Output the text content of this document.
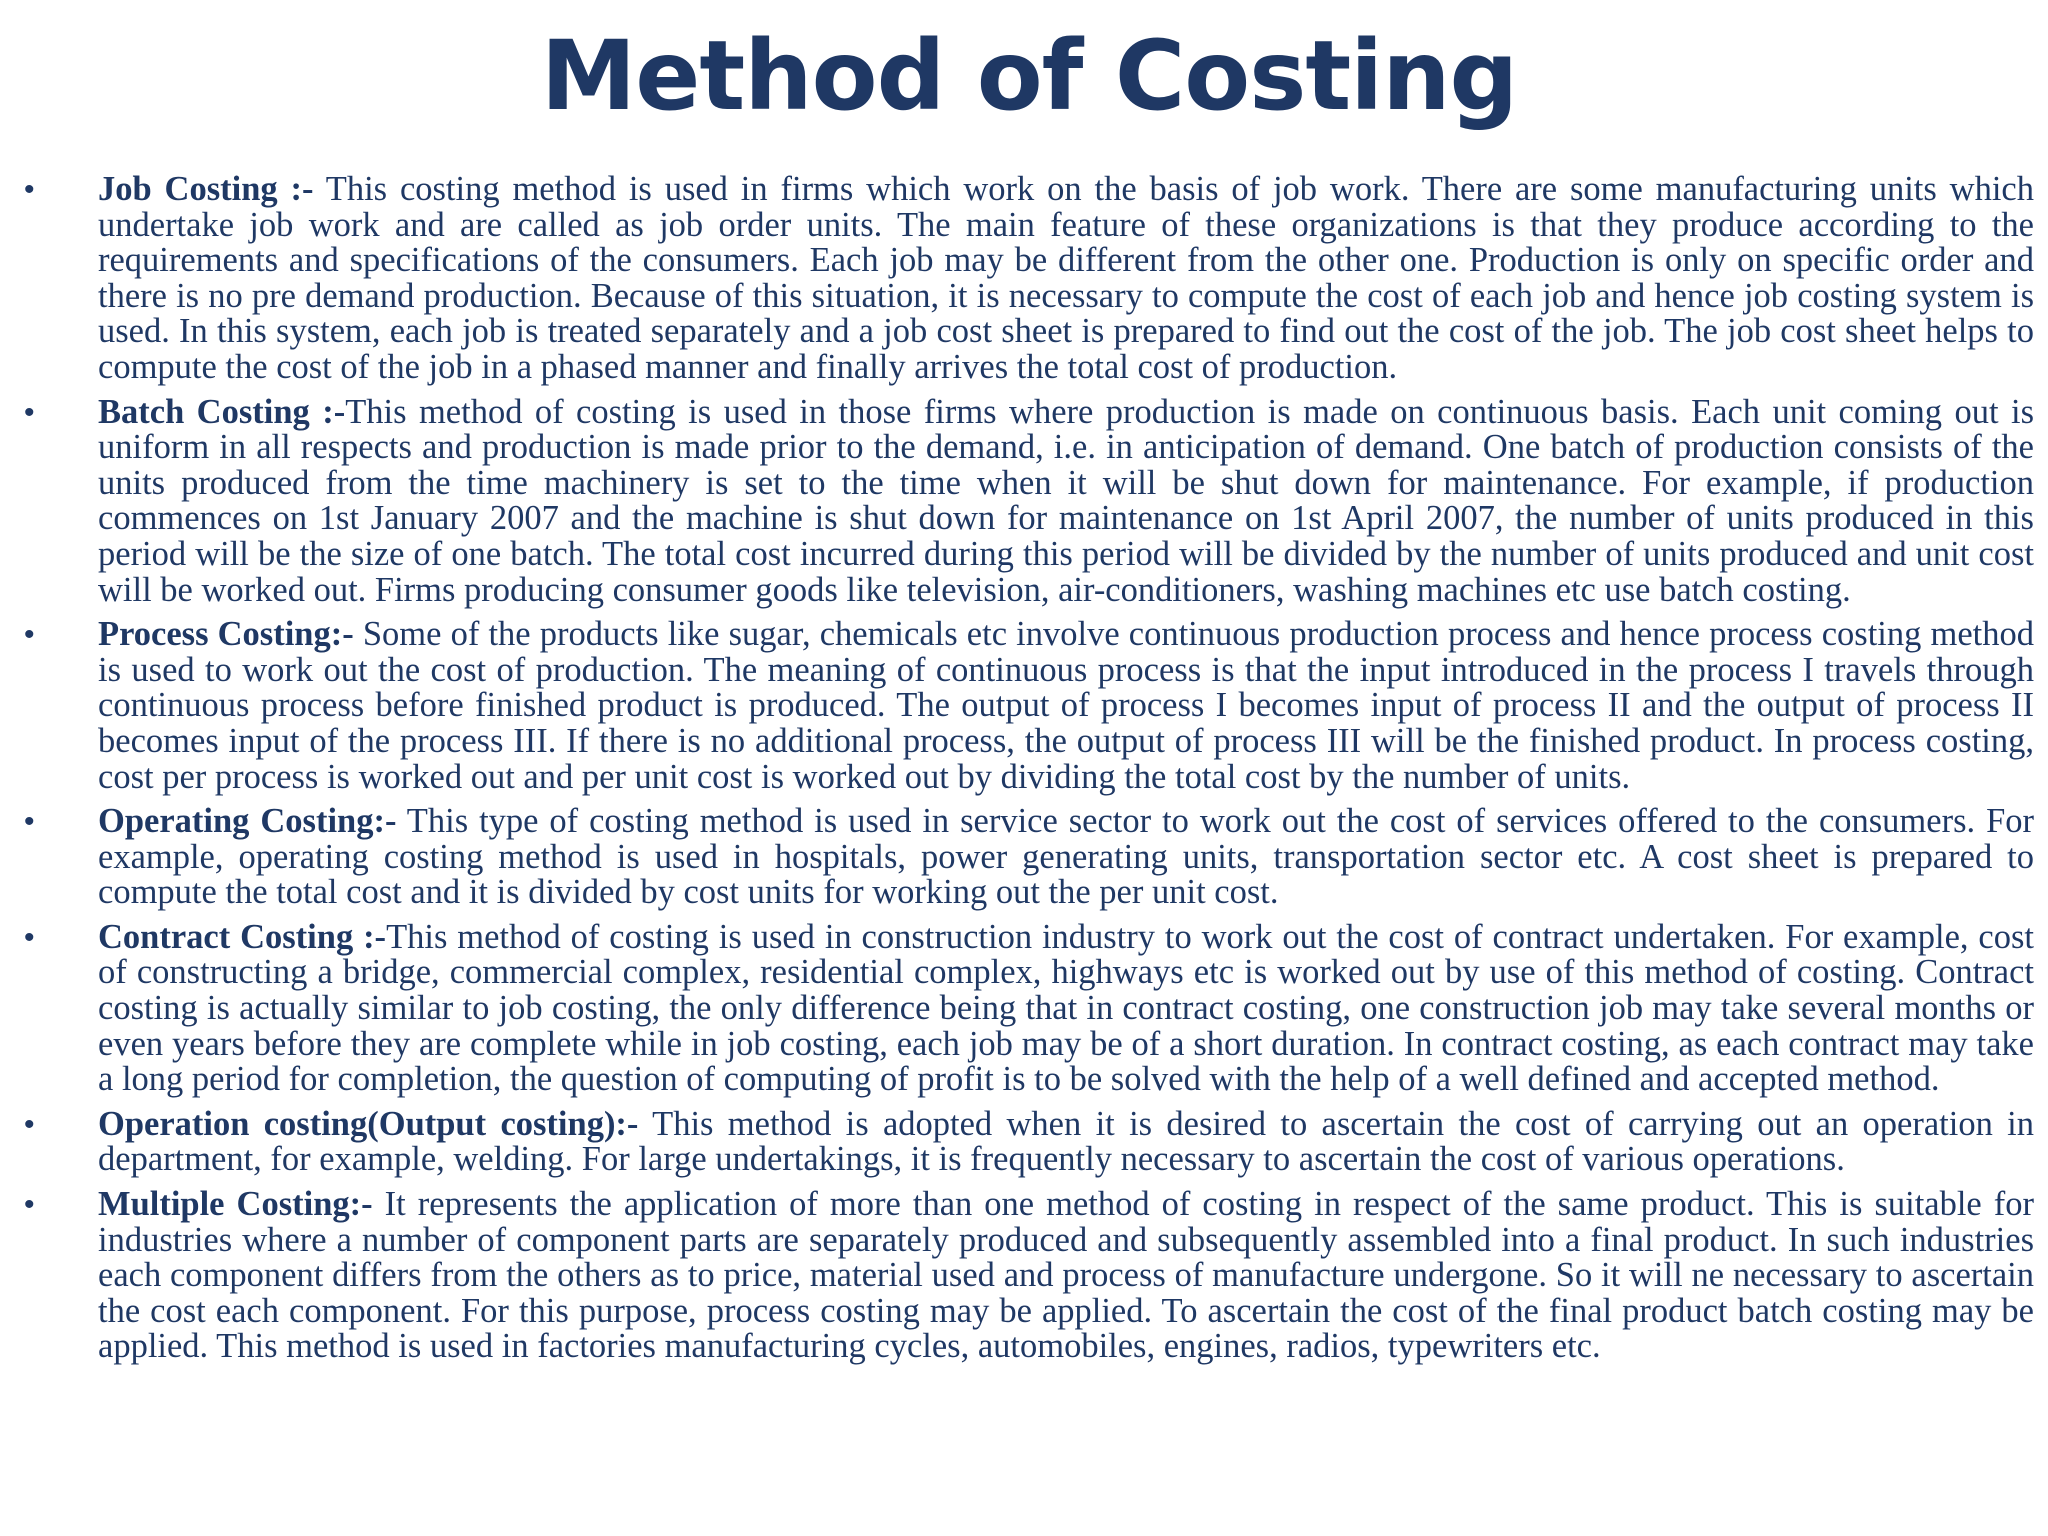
Method of Costing
•	Job Costing :- This costing method is used in firms which work on the basis of job work. There are some manufacturing units which undertake job work and are called as job order units. The main feature of these organizations is that they produce according to the requirements and specifications of the consumers. Each job may be different from the other one. Production is only on specific order and there is no pre demand production. Because of this situation, it is necessary to compute the cost of each job and hence job costing system is used. In this system, each job is treated separately and a job cost sheet is prepared to find out the cost of the job. The job cost sheet helps to compute the cost of the job in a phased manner and finally arrives the total cost of production.
•	Batch Costing :-This method of costing is used in those firms where production is made on continuous basis. Each unit coming out is uniform in all respects and production is made prior to the demand, i.e. in anticipation of demand. One batch of production consists of the units produced from the time machinery is set to the time when it will be shut down for maintenance. For example, if production commences on 1st January 2007 and the machine is shut down for maintenance on 1st April 2007, the number of units produced in this period will be the size of one batch. The total cost incurred during this period will be divided by the number of units produced and unit cost will be worked out. Firms producing consumer goods like television, air-conditioners, washing machines etc use batch costing.
•	Process Costing:- Some of the products like sugar, chemicals etc involve continuous production process and hence process costing method is used to work out the cost of production. The meaning of continuous process is that the input introduced in the process I travels through continuous process before finished product is produced. The output of process I becomes input of process II and the output of process II becomes input of the process III. If there is no additional process, the output of process III will be the finished product. In process costing, cost per process is worked out and per unit cost is worked out by dividing the total cost by the number of units.
•	Operating Costing:- This type of costing method is used in service sector to work out the cost of services offered to the consumers. For example, operating costing method is used in hospitals, power generating units, transportation sector etc. A cost sheet is prepared to compute the total cost and it is divided by cost units for working out the per unit cost.
•	Contract Costing :-This method of costing is used in construction industry to work out the cost of contract undertaken. For example, cost of constructing a bridge, commercial complex, residential complex, highways etc is worked out by use of this method of costing. Contract costing is actually similar to job costing, the only difference being that in contract costing, one construction job may take several months or even years before they are complete while in job costing, each job may be of a short duration. In contract costing, as each contract may take a long period for completion, the question of computing of profit is to be solved with the help of a well defined and accepted method.
•	Operation costing(Output costing):- This method is adopted when it is desired to ascertain the cost of carrying out an operation in department, for example, welding. For large undertakings, it is frequently necessary to ascertain the cost of various operations.
•	Multiple Costing:- It represents the application of more than one method of costing in respect of the same product. This is suitable for industries where a number of component parts are separately produced and subsequently assembled into a final product. In such industries each component differs from the others as to price, material used and process of manufacture undergone. So it will ne necessary to ascertain the cost each component. For this purpose, process costing may be applied. To ascertain the cost of the final product batch costing may be applied. This method is used in factories manufacturing cycles, automobiles, engines, radios, typewriters etc.
